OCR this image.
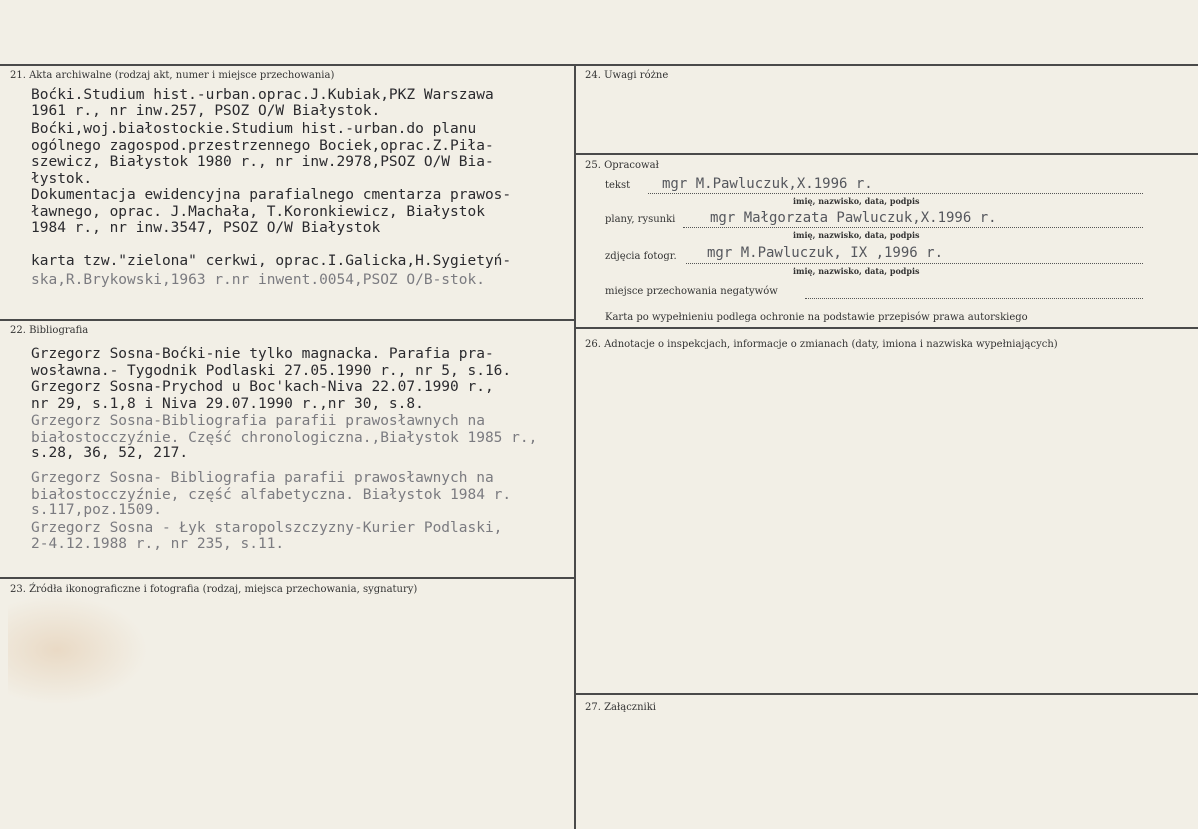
21. Akta archiwalne (rodzaj akt, numer i miejsce przechowania)
Boćki.Studium hist.-urban.oprac.J.Kubiak,PKZ Warszawa
1961 r., nr inw.257, PSOZ O/W Białystok.
Boćki,woj.białostockie.Studium hist.-urban.do planu
ogólnego zagospod.przestrzennego Bociek,oprac.Z.Piła-
szewicz, Białystok 1980 r., nr inw.2978,PSOZ O/W Bia-
łystok.
Dokumentacja ewidencyjna parafialnego cmentarza prawos-
ławnego, oprac. J.Machała, T.Koronkiewicz, Białystok
1984 r., nr inw.3547, PSOZ O/W Białystok
karta tzw."zielona" cerkwi, oprac.I.Galicka,H.Sygietyń-
ska,R.Brykowski,1963 r.nr inwent.0054,PSOZ O/B-stok.
22. Bibliografia
Grzegorz Sosna-Boćki-nie tylko magnacka. Parafia pra-
wosławna.- Tygodnik Podlaski 27.05.1990 r., nr 5, s.16.
Grzegorz Sosna-Prychod u Boc'kach-Niva 22.07.1990 r.,
nr 29, s.1,8 i Niva 29.07.1990 r.,nr 30, s.8.
Grzegorz Sosna-Bibliografia parafii prawosławnych na
białostocczyźnie. Część chronologiczna.,Białystok 1985 r.,
s.28, 36, 52, 217.
Grzegorz Sosna- Bibliografia parafii prawosławnych na
białostocczyźnie, część alfabetyczna. Białystok 1984 r.
s.117,poz.1509.
Grzegorz Sosna - Łyk staropolszczyzny-Kurier Podlaski,
2-4.12.1988 r., nr 235, s.11.
23. Źródła ikonograficzne i fotografia (rodzaj, miejsca przechowania, sygnatury)
24. Uwagi różne
25. Opracował
tekst mgr M.Pawluczuk,X.1996 r.
imię, nazwisko, data, podpis
plany, rysunki mgr Małgorzata Pawluczuk,X.1996 r.
imię, nazwisko, data, podpis
zdjęcia fotogr. mgr M.Pawluczuk, IX ,1996 r.
imię, nazwisko, data, podpis
miejsce przechowania negatywów
Karta po wypełnieniu podlega ochronie na podstawie przepisów prawa autorskiego
26. Adnotacje o inspekcjach, informacje o zmianach (daty, imiona i nazwiska wypełniających)
27. Załączniki
